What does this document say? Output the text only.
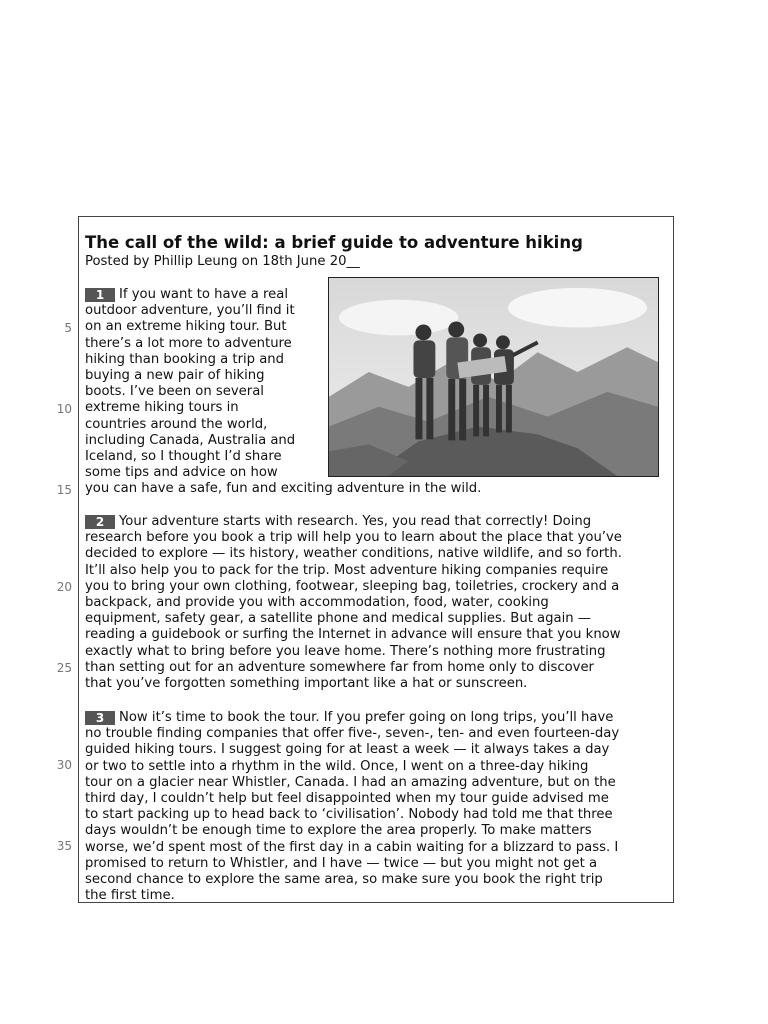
The call of the wild: a brief guide to adventure hiking
Posted by Phillip Leung on 18th June 20__
1 If you want to have a real
outdoor adventure, you’ll find it
on an extreme hiking tour. But
there’s a lot more to adventure
hiking than booking a trip and
buying a new pair of hiking
boots. I’ve been on several
extreme hiking tours in
countries around the world,
including Canada, Australia and
Iceland, so I thought I’d share
some tips and advice on how
you can have a safe, fun and exciting adventure in the wild.
2 Your adventure starts with research. Yes, you read that correctly! Doing
research before you book a trip will help you to learn about the place that you’ve
decided to explore — its history, weather conditions, native wildlife, and so forth.
It’ll also help you to pack for the trip. Most adventure hiking companies require
you to bring your own clothing, footwear, sleeping bag, toiletries, crockery and a
backpack, and provide you with accommodation, food, water, cooking
equipment, safety gear, a satellite phone and medical supplies. But again —
reading a guidebook or surfing the Internet in advance will ensure that you know
exactly what to bring before you leave home. There’s nothing more frustrating
than setting out for an adventure somewhere far from home only to discover
that you’ve forgotten something important like a hat or sunscreen.
3 Now it’s time to book the tour. If you prefer going on long trips, you’ll have
no trouble finding companies that offer five-, seven-, ten- and even fourteen-day
guided hiking tours. I suggest going for at least a week — it always takes a day
or two to settle into a rhythm in the wild. Once, I went on a three-day hiking
tour on a glacier near Whistler, Canada. I had an amazing adventure, but on the
third day, I couldn’t help but feel disappointed when my tour guide advised me
to start packing up to head back to ‘civilisation’. Nobody had told me that three
days wouldn’t be enough time to explore the area properly. To make matters
worse, we’d spent most of the first day in a cabin waiting for a blizzard to pass. I
promised to return to Whistler, and I have — twice — but you might not get a
second chance to explore the same area, so make sure you book the right trip
the first time.
5
10
15
20
25
30
35
